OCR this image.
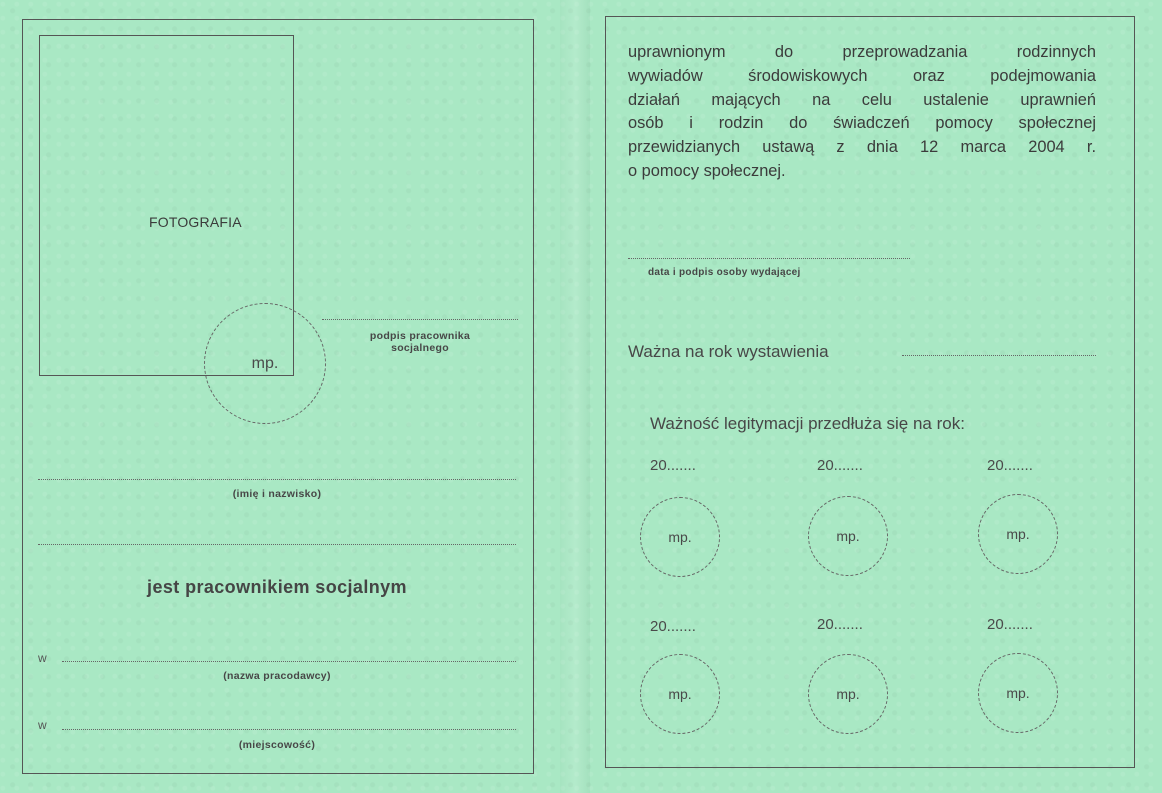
FOTOGRAFIA
mp.
podpis pracownika
socjalnego
(imię i nazwisko)
jest pracownikiem socjalnym
w
(nazwa pracodawcy)
w
(miejscowość)
uprawnionym do przeprowadzania rodzinnych
wywiadów środowiskowych oraz podejmowania
działań mających na celu ustalenie uprawnień
osób i rodzin do świadczeń pomocy społecznej
przewidzianych ustawą z dnia 12 marca 2004 r.
o pomocy społecznej.
data i podpis osoby wydającej
Ważna na rok wystawienia
Ważność legitymacji przedłuża się na rok:
20.......	20.......	20.......
mp.	mp.	mp.
20.......	20.......	20.......
mp.	mp.	mp.
